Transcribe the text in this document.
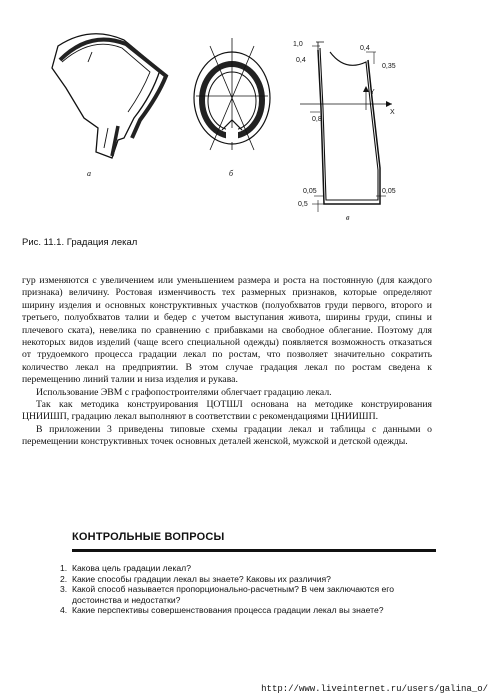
а	б
1,0
0,4
0,4
0,35
0,8
Y
X
0,05	0,05
0,5
в
Рис. 11.1. Градация лекал

гур изменяются с увеличением или уменьшением размера и роста на постоянную (для каждого признака) величину. Ростовая изменчивость тех размерных признаков, которые определяют ширину изделия и основных конструктивных участков (полуобхватов груди первого, второго и третьего, полуобхватов талии и бедер с учетом выступания живота, ширины груди, спины и плечевого ската), невелика по сравнению с прибавками на свободное облегание. Поэтому для некоторых видов изделий (чаще всего специальной одежды) появляется возможность отказаться от трудоемкого процесса градации лекал по ростам, что позволяет значительно сократить количество лекал на предприятии. В этом случае градация лекал по ростам сведена к перемещению линий талии и низа изделия и рукава.

Использование ЭВМ с графопостроителями облегчает градацию лекал.

Так как методика конструирования ЦОТШЛ основана на методике конструирования ЦНИИШП, градацию лекал выполняют в соответствии с рекомендациями ЦНИИШП.

В приложении 3 приведены типовые схемы градации лекал и таблицы с данными о перемещении конструктивных точек основных деталей женской, мужской и детской одежды.

КОНТРОЛЬНЫЕ ВОПРОСЫ
1. Какова цель градации лекал?
2. Какие способы градации лекал вы знаете? Каковы их различия?
3. Какой способ называется пропорционально-расчетным? В чем заключаются его достоинства и недостатки?
4. Какие перспективы совершенствования процесса градации лекал вы знаете?
http://www.liveinternet.ru/users/galina_o/
